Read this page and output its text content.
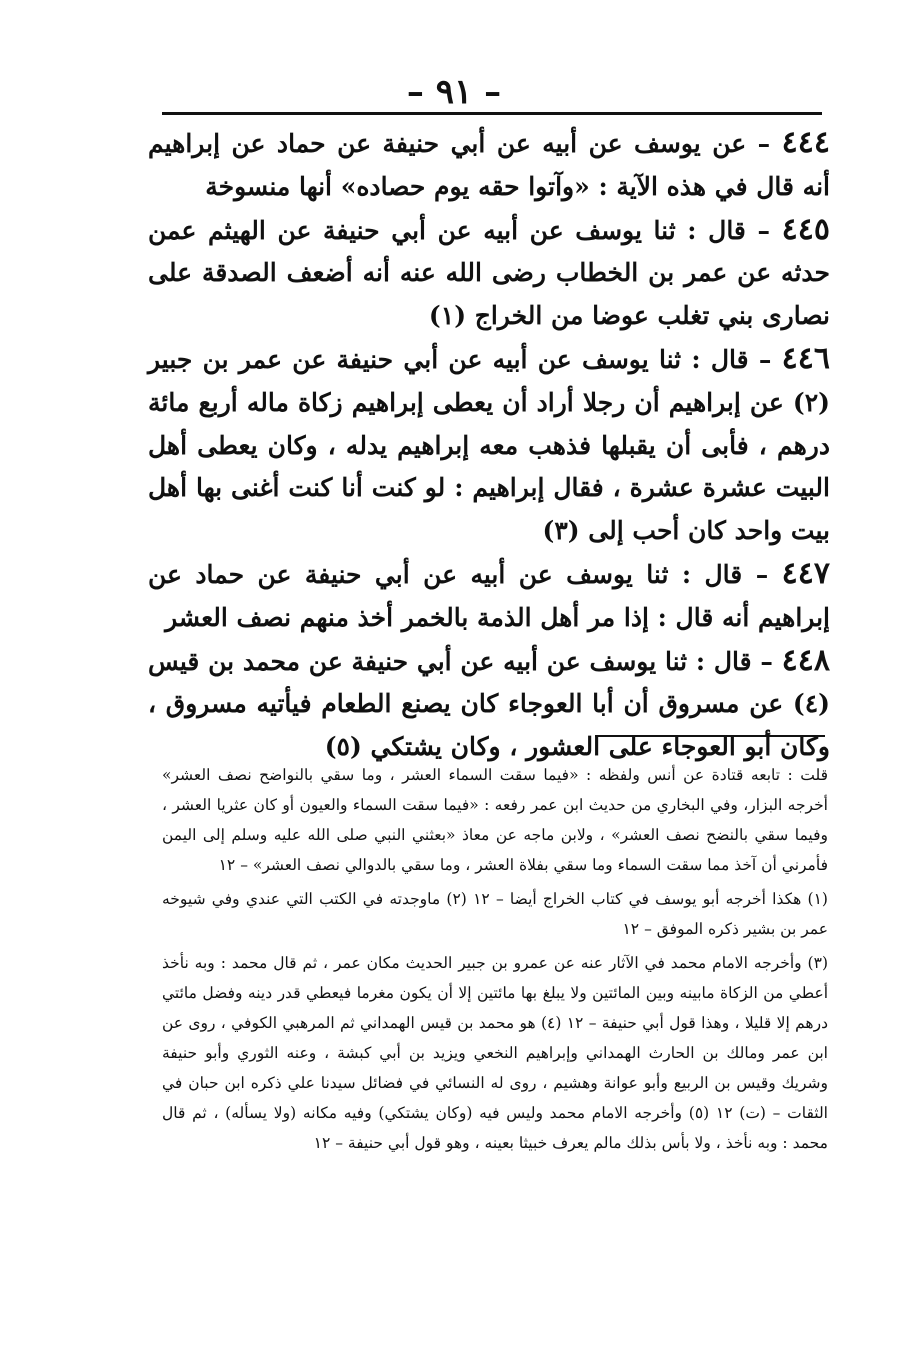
– ٩١ –

٤٤٤ – عن يوسف عن أبيه عن أبي حنيفة عن حماد عن إبراهيم أنه قال في هذه الآية : «وآتوا حقه يوم حصاده» أنها منسوخة

٤٤٥ – قال : ثنا يوسف عن أبيه عن أبي حنيفة عن الهيثم عمن حدثه عن عمر بن الخطاب رضى الله عنه أنه أضعف الصدقة على نصارى بني تغلب عوضا من الخراج (١)

٤٤٦ – قال : ثنا يوسف عن أبيه عن أبي حنيفة عن عمر بن جبير (٢) عن إبراهيم أن رجلا أراد أن يعطى إبراهيم زكاة ماله أربع مائة درهم ، فأبى أن يقبلها فذهب معه إبراهيم يدله ، وكان يعطى أهل البيت عشرة عشرة ، فقال إبراهيم : لو كنت أنا كنت أغنى بها أهل بيت واحد كان أحب إلى (٣)

٤٤٧ – قال : ثنا يوسف عن أبيه عن أبي حنيفة عن حماد عن إبراهيم أنه قال : إذا مر أهل الذمة بالخمر أخذ منهم نصف العشر

٤٤٨ – قال : ثنا يوسف عن أبيه عن أبي حنيفة عن محمد بن قيس (٤) عن مسروق أن أبا العوجاء كان يصنع الطعام فيأتيه مسروق ، وكان أبو العوجاء على العشور ، وكان يشتكي (٥)

قلت : تابعه قتادة عن أنس ولفظه : «فيما سقت السماء العشر ، وما سقي بالنواضح نصف العشر» أخرجه البزار، وفي البخاري من حديث ابن عمر رفعه : «فيما سقت السماء والعيون أو كان عثريا العشر ، وفيما سقي بالنضح نصف العشر» ، ولابن ماجه عن معاذ «بعثني النبي صلى الله عليه وسلم إلى اليمن فأمرني أن آخذ مما سقت السماء وما سقي بفلاة العشر ، وما سقي بالدوالي نصف العشر» – ١٢

(١) هكذا أخرجه أبو يوسف في كتاب الخراج أيضا – ١٢ (٢) ماوجدته في الكتب التي عندي وفي شيوخه عمر بن بشير ذكره الموفق – ١٢

(٣) وأخرجه الامام محمد في الآثار عنه عن عمرو بن جبير الحديث مكان عمر ، ثم قال محمد : وبه نأخذ أعطي من الزكاة مابينه وبين المائتين ولا يبلغ بها مائتين إلا أن يكون مغرما فيعطي قدر دينه وفضل مائتي درهم إلا قليلا ، وهذا قول أبي حنيفة – ١٢ (٤) هو محمد بن قيس الهمداني ثم المرهبي الكوفي ، روى عن ابن عمر ومالك بن الحارث الهمداني وإبراهيم النخعي ويزيد بن أبي كبشة ، وعنه الثوري وأبو حنيفة وشريك وقيس بن الربيع وأبو عوانة وهشيم ، روى له النسائي في فضائل سيدنا علي ذكره ابن حبان في الثقات – (ت) ١٢ (٥) وأخرجه الامام محمد وليس فيه (وكان يشتكي) وفيه مكانه (ولا يسأله) ، ثم قال محمد : وبه نأخذ ، ولا بأس بذلك مالم يعرف خبيثا بعينه ، وهو قول أبي حنيفة – ١٢
